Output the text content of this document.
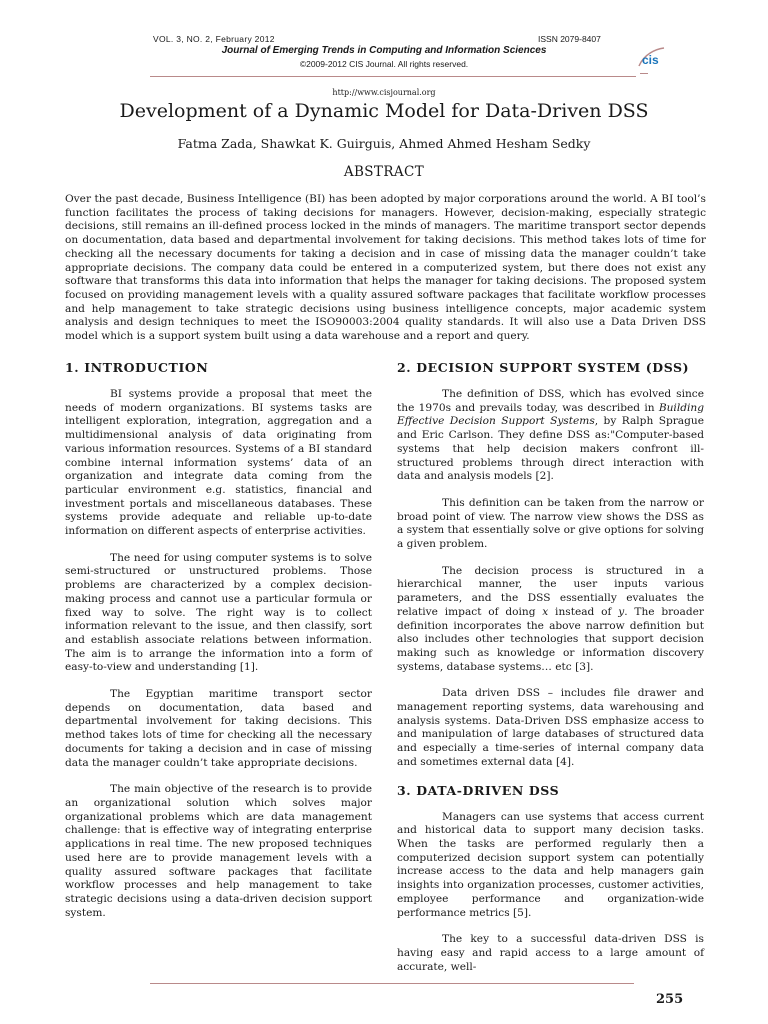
VOL. 3, NO. 2, February 2012	ISSN 2079-8407
Journal of Emerging Trends in Computing and Information Sciences
©2009-2012 CIS Journal. All rights reserved.	cis
http://www.cisjournal.org
Development of a Dynamic Model for Data-Driven DSS
Fatma Zada, Shawkat K. Guirguis, Ahmed Ahmed Hesham Sedky
ABSTRACT

Over the past decade, Business Intelligence (BI) has been adopted by major corporations around the world. A BI tool’s function facilitates the process of taking decisions for managers. However, decision-making, especially strategic decisions, still remains an ill-defined process locked in the minds of managers. The maritime transport sector depends on documentation, data based and departmental involvement for taking decisions. This method takes lots of time for checking all the necessary documents for taking a decision and in case of missing data the manager couldn’t take appropriate decisions. The company data could be entered in a computerized system, but there does not exist any software that transforms this data into information that helps the manager for taking decisions. The proposed system focused on providing management levels with a quality assured software packages that facilitate workflow processes and help management to take strategic decisions using business intelligence concepts, major academic system analysis and design techniques to meet the ISO90003:2004 quality standards. It will also use a Data Driven DSS model which is a support system built using a data warehouse and a report and query.

1. INTRODUCTION

BI systems provide a proposal that meet the needs of modern organizations. BI systems tasks are intelligent exploration, integration, aggregation and a multidimensional analysis of data originating from various information resources. Systems of a BI standard combine internal information systems’ data of an organization and integrate data coming from the particular environment e.g. statistics, financial and investment portals and miscellaneous databases. These systems provide adequate and reliable up-to-date information on different aspects of enterprise activities.

The need for using computer systems is to solve semi-structured or unstructured problems. Those problems are characterized by a complex decision-making process and cannot use a particular formula or fixed way to solve. The right way is to collect information relevant to the issue, and then classify, sort and establish associate relations between information. The aim is to arrange the information into a form of easy-to-view and understanding [1].

The Egyptian maritime transport sector depends on documentation, data based and departmental involvement for taking decisions. This method takes lots of time for checking all the necessary documents for taking a decision and in case of missing data the manager couldn’t take appropriate decisions.

The main objective of the research is to provide an organizational solution which solves major organizational problems which are data management challenge: that is effective way of integrating enterprise applications in real time. The new proposed techniques used here are to provide management levels with a quality assured software packages that facilitate workflow processes and help management to take strategic decisions using a data-driven decision support system.

2. DECISION SUPPORT SYSTEM (DSS)

The definition of DSS, which has evolved since the 1970s and prevails today, was described in Building Effective Decision Support Systems, by Ralph Sprague and Eric Carlson. They define DSS as:"Computer-based systems that help decision makers confront ill-structured problems through direct interaction with data and analysis models [2].

This definition can be taken from the narrow or broad point of view. The narrow view shows the DSS as a system that essentially solve or give options for solving a given problem.

The decision process is structured in a hierarchical manner, the user inputs various parameters, and the DSS essentially evaluates the relative impact of doing x instead of y. The broader definition incorporates the above narrow definition but also includes other technologies that support decision making such as knowledge or information discovery systems, database systems… etc [3].

Data driven DSS – includes file drawer and management reporting systems, data warehousing and analysis systems. Data-Driven DSS emphasize access to and manipulation of large databases of structured data and especially a time-series of internal company data and sometimes external data [4].

3. DATA-DRIVEN DSS

Managers can use systems that access current and historical data to support many decision tasks. When the tasks are performed regularly then a computerized decision support system can potentially increase access to the data and help managers gain insights into organization processes, customer activities, employee performance and organization-wide performance metrics [5].

The key to a successful data-driven DSS is having easy and rapid access to a large amount of accurate, well-

255
